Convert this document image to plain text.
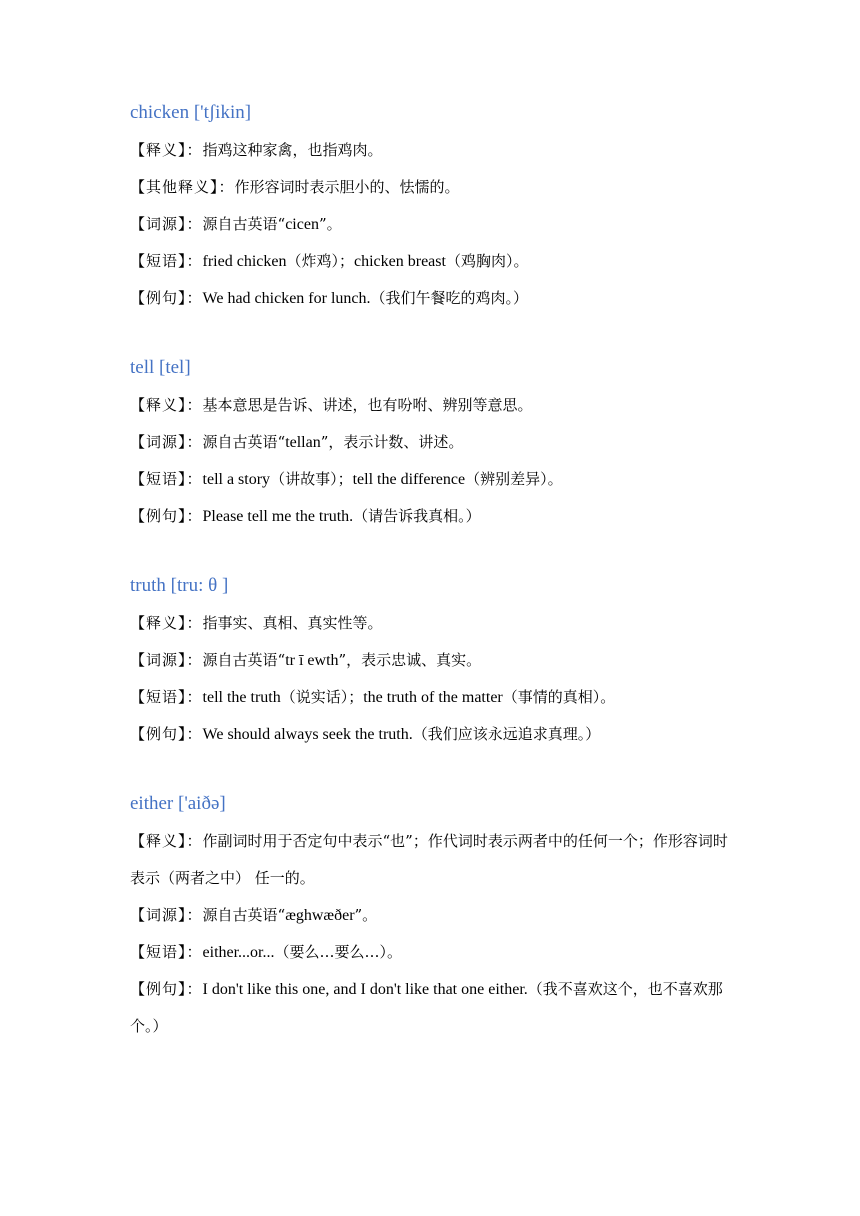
chicken ['tʃikin]
【释义】：指鸡这种家禽，也指鸡肉。
【其他释义】：作形容词时表示胆小的、怯懦的。
【词源】：源自古英语“cicen”。
【短语】：fried chicken（炸鸡）；chicken breast（鸡胸肉）。
【例句】：We had chicken for lunch.（我们午餐吃的鸡肉。）
tell [tel]
【释义】：基本意思是告诉、讲述，也有吩咐、辨别等意思。
【词源】：源自古英语“tellan”，表示计数、讲述。
【短语】：tell a story（讲故事）；tell the difference（辨别差异）。
【例句】：Please tell me the truth.（请告诉我真相。）
truth [tru: θ ]
【释义】：指事实、真相、真实性等。
【词源】：源自古英语“tr ī ewth”，表示忠诚、真实。
【短语】：tell the truth（说实话）；the truth of the matter（事情的真相）。
【例句】：We should always seek the truth.（我们应该永远追求真理。）
either ['aiðə]
【释义】：作副词时用于否定句中表示“也”；作代词时表示两者中的任何一个；作形容词时表示（两者之中） 任一的。
【词源】：源自古英语“æghwæðer”。
【短语】：either...or...（要么…要么…）。
【例句】：I don't like this one, and I don't like that one either.（我不喜欢这个，也不喜欢那个。）
